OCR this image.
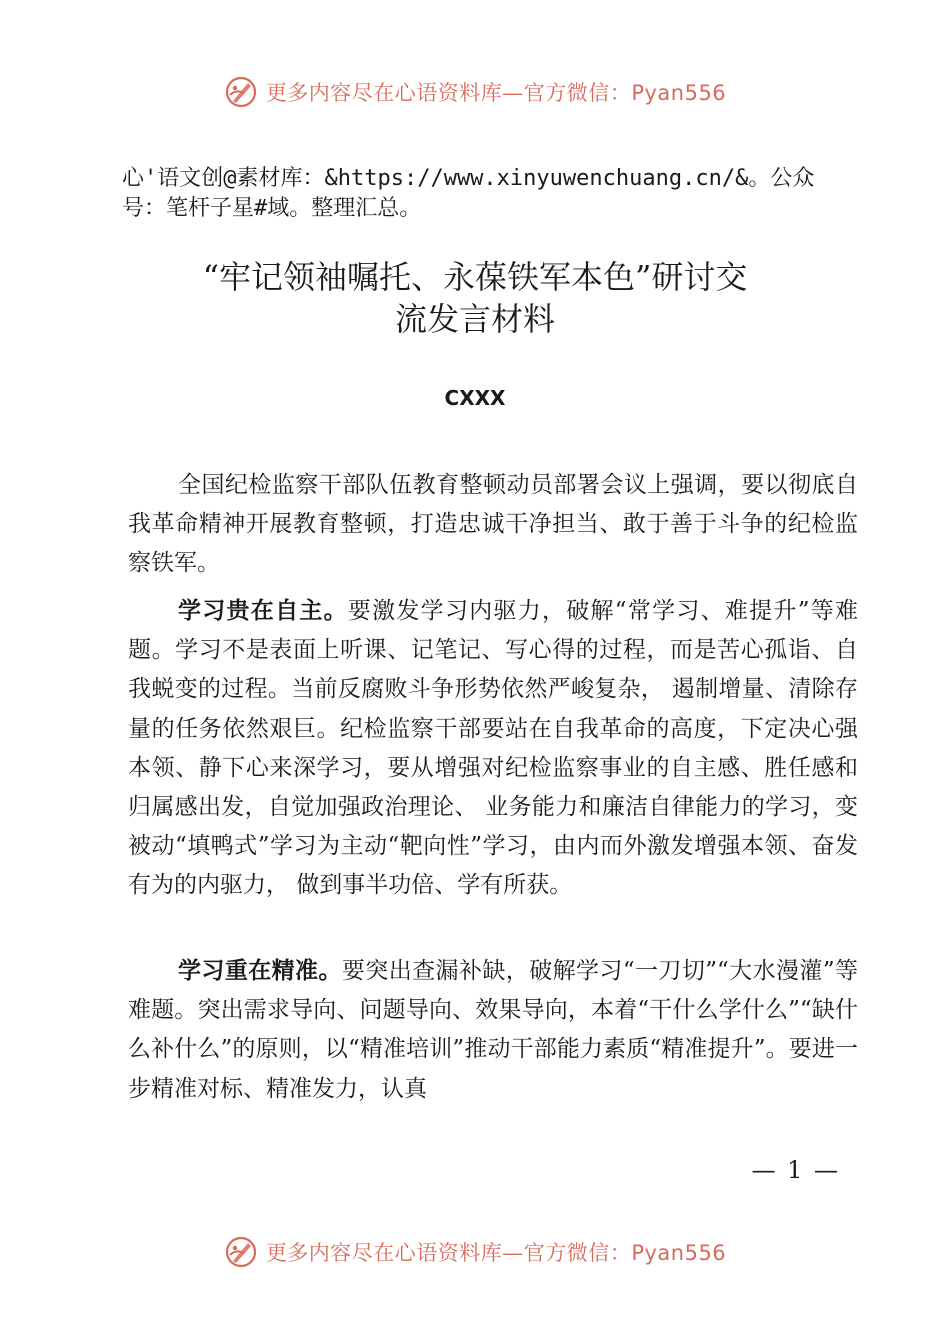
更多内容尽在心语资料库—官方微信：Pyan556
心'语文创@素材库：&https://www.xinyuwenchuang.cn/&。公众号：笔杆子星#域。整理汇总。
“牢记领袖嘱托、永葆铁军本色”研讨交
流发言材料
CXXX
全国纪检监察干部队伍教育整顿动员部署会议上强调，要以彻底自我革命精神开展教育整顿，打造忠诚干净担当、敢于善于斗争的纪检监察铁军。
学习贵在自主。要激发学习内驱力，破解“常学习、难提升”等难题。学习不是表面上听课、记笔记、写心得的过程，而是苦心孤诣、自我蜕变的过程。当前反腐败斗争形势依然严峻复杂， 遏制增量、清除存量的任务依然艰巨。纪检监察干部要站在自我革命的高度，下定决心强本领、静下心来深学习，要从增强对纪检监察事业的自主感、胜任感和归属感出发，自觉加强政治理论、 业务能力和廉洁自律能力的学习，变被动“填鸭式”学习为主动“靶向性”学习，由内而外激发增强本领、奋发有为的内驱力， 做到事半功倍、学有所获。
学习重在精准。要突出查漏补缺，破解学习“一刀切”“大水漫灌”等难题。突出需求导向、问题导向、效果导向，本着“干什么学什么”“缺什么补什么”的原则，以“精准培训”推动干部能力素质“精准提升”。要进一步精准对标、精准发力，认真
— 1 —
更多内容尽在心语资料库—官方微信：Pyan556
